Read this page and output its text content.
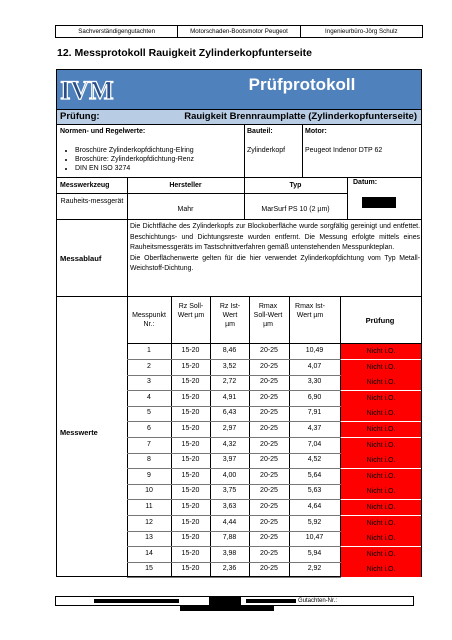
Sachverständigengutachten	Motorschaden-Bootsmotor Peugeot	Ingenieurbüro-Jörg Schulz
12. Messprotokoll Rauigkeit Zylinderkopfunterseite
IVM	Prüfprotokoll
Prüfung:	Rauigkeit Brennraumplatte (Zylinderkopfunterseite)
Normen- und Regelwerte:
• Broschüre Zylinderkopfdichtung-Elring
• Broschüre: Zylinderkopfdichtung-Renz
• DIN EN ISO 3274
Bauteil:
Zylinderkopf
Motor:
Peugeot Indenor DTP 62
Messwerkzeug	Hersteller	Typ	Datum:
Rauheits-messgerät
Mahr	MarSurf PS 10 (2 µm)
Messablauf
Die Dichtfläche des Zylinderkopfs zur Blockoberfläche wurde sorgfältig gereinigt und entfettet. Beschichtungs- und Dichtungsreste wurden entfernt. Die Messung erfolgte mittels eines Rauheitsmessgeräts im Tastschnittverfahren gemäß untenstehenden Messpunkteplan.
Die Oberflächenwerte gelten für die hier verwendet Zylinderkopfdichtung vom Typ Metall-Weichstoff-Dichtung.
Messwerte
Messpunkt Nr.:
Rz Soll-Wert µm
Rz Ist-Wert µm
Rmax Soll-Wert µm
Rmax Ist-Wert µm
Prüfung
1	15-20	8,46	20-25	10,49	Nicht i.O.
2	15-20	3,52	20-25	4,07	Nicht i.O.
3	15-20	2,72	20-25	3,30	Nicht i.O.
4	15-20	4,91	20-25	6,90	Nicht i.O.
5	15-20	6,43	20-25	7,91	Nicht i.O.
6	15-20	2,97	20-25	4,37	Nicht i.O.
7	15-20	4,32	20-25	7,04	Nicht i.O.
8	15-20	3,97	20-25	4,52	Nicht i.O.
9	15-20	4,00	20-25	5,64	Nicht i.O.
10	15-20	3,75	20-25	5,63	Nicht i.O.
11	15-20	3,63	20-25	4,64	Nicht i.O.
12	15-20	4,44	20-25	5,92	Nicht i.O.
13	15-20	7,88	20-25	10,47	Nicht i.O.
14	15-20	3,98	20-25	5,94	Nicht i.O.
15	15-20	2,36	20-25	2,92	Nicht i.O.
Gutachten-Nr.:
